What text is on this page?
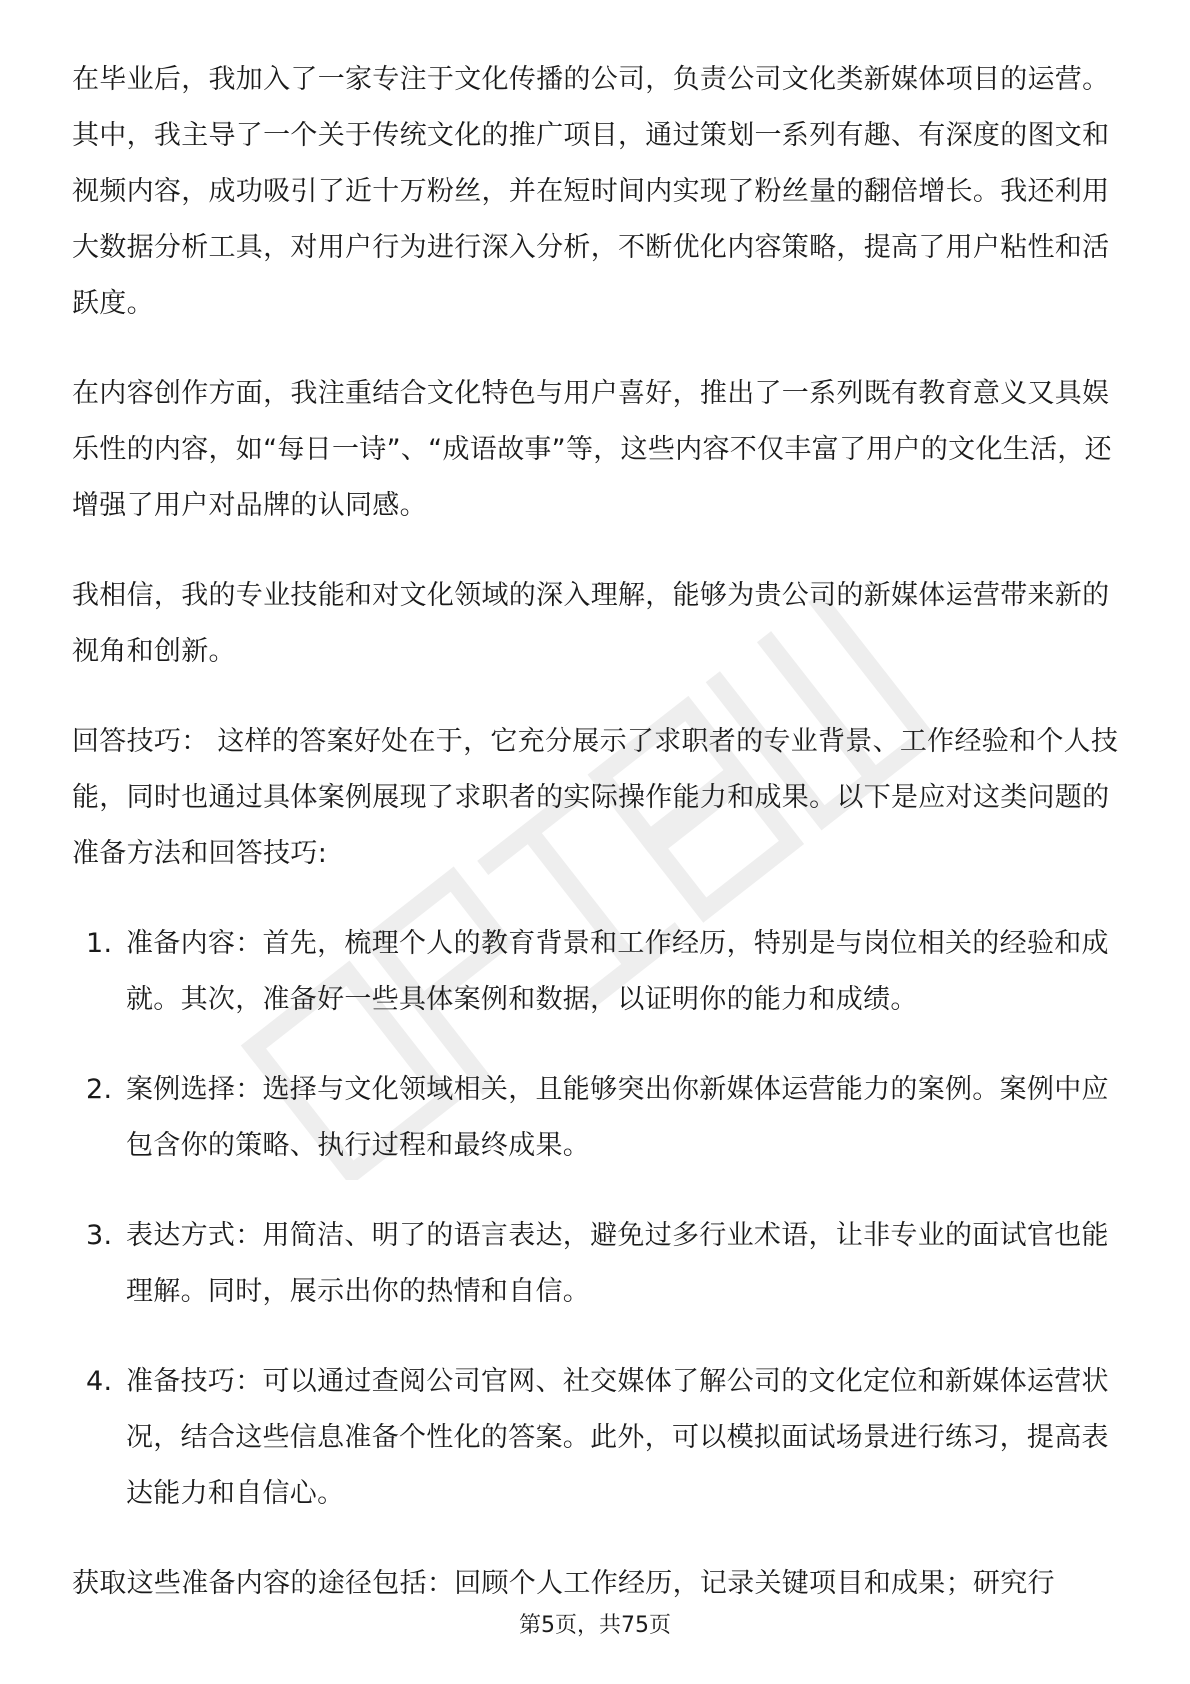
在毕业后，我加入了一家专注于文化传播的公司，负责公司文化类新媒体项目的运营。其中，我主导了一个关于传统文化的推广项目，通过策划一系列有趣、有深度的图文和视频内容，成功吸引了近十万粉丝，并在短时间内实现了粉丝量的翻倍增长。我还利用大数据分析工具，对用户行为进行深入分析，不断优化内容策略，提高了用户粘性和活跃度。

在内容创作方面，我注重结合文化特色与用户喜好，推出了一系列既有教育意义又具娱乐性的内容，如“每日一诗”、“成语故事”等，这些内容不仅丰富了用户的文化生活，还增强了用户对品牌的认同感。

我相信，我的专业技能和对文化领域的深入理解，能够为贵公司的新媒体运营带来新的视角和创新。

回答技巧： 这样的答案好处在于，它充分展示了求职者的专业背景、工作经验和个人技能，同时也通过具体案例展现了求职者的实际操作能力和成果。以下是应对这类问题的准备方法和回答技巧:

1. 准备内容：首先，梳理个人的教育背景和工作经历，特别是与岗位相关的经验和成就。其次，准备好一些具体案例和数据，以证明你的能力和成绩。
2. 案例选择：选择与文化领域相关，且能够突出你新媒体运营能力的案例。案例中应包含你的策略、执行过程和最终成果。
3. 表达方式：用简洁、明了的语言表达，避免过多行业术语，让非专业的面试官也能理解。同时，展示出你的热情和自信。
4. 准备技巧：可以通过查阅公司官网、社交媒体了解公司的文化定位和新媒体运营状况，结合这些信息准备个性化的答案。此外，可以模拟面试场景进行练习，提高表达能力和自信心。

获取这些准备内容的途径包括：回顾个人工作经历，记录关键项目和成果；研究行

第5页，共75页
